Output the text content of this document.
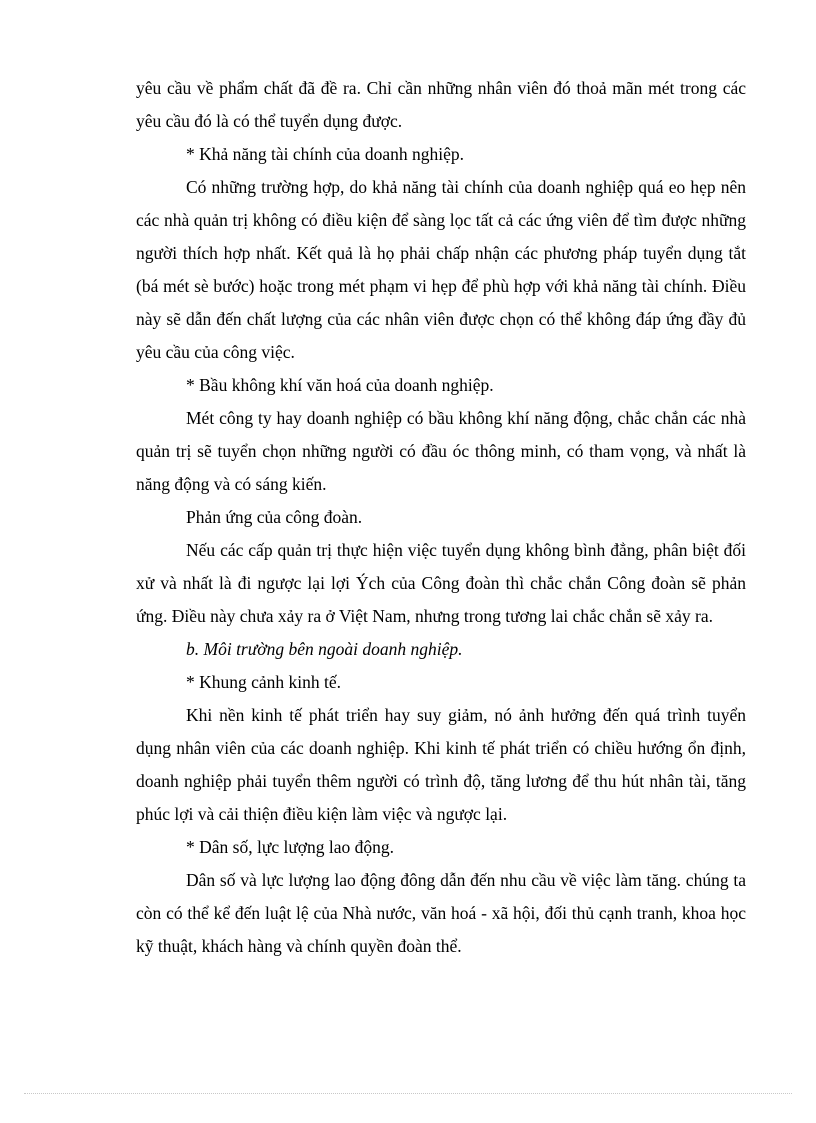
yêu cầu về phẩm chất đã đề ra. Chỉ cần những nhân viên đó thoả mãn mét trong các yêu cầu đó là có thể tuyển dụng được.

* Khả năng tài chính của doanh nghiệp.

Có những trường hợp, do khả năng tài chính của doanh nghiệp quá eo hẹp nên các nhà quản trị không có điều kiện để sàng lọc tất cả các ứng viên để tìm được những người thích hợp nhất. Kết quả là họ phải chấp nhận các phương pháp tuyển dụng tắt (bá mét sè bước) hoặc trong mét phạm vi hẹp để phù hợp với khả năng tài chính. Điều này sẽ dẫn đến chất lượng của các nhân viên được chọn có thể không đáp ứng đầy đủ yêu cầu của công việc.

* Bầu không khí văn hoá của doanh nghiệp.

Mét công ty hay doanh nghiệp có bầu không khí năng động, chắc chắn các nhà quản trị sẽ tuyển chọn những người có đầu óc thông minh, có tham vọng, và nhất là năng động và có sáng kiến.

Phản ứng của công đoàn.

Nếu các cấp quản trị thực hiện việc tuyển dụng không bình đẳng, phân biệt đối xử và nhất là đi ngược lại lợi Ých của Công đoàn thì chắc chắn Công đoàn sẽ phản ứng. Điều này chưa xảy ra ở Việt Nam, nhưng trong tương lai chắc chắn sẽ xảy ra.

b. Môi trường bên ngoài doanh nghiệp.

* Khung cảnh kinh tế.

Khi nền kinh tế phát triển hay suy giảm, nó ảnh hưởng đến quá trình tuyển dụng nhân viên của các doanh nghiệp. Khi kinh tế phát triển có chiều hướng ổn định, doanh nghiệp phải tuyển thêm người có trình độ, tăng lương để thu hút nhân tài, tăng phúc lợi và cải thiện điều kiện làm việc và ngược lại.

* Dân số, lực lượng lao động.

Dân số và lực lượng lao động đông dẫn đến nhu cầu về việc làm tăng. chúng ta còn có thể kể đến luật lệ của Nhà nước, văn hoá - xã hội, đối thủ cạnh tranh, khoa học kỹ thuật, khách hàng và chính quyền đoàn thể.
